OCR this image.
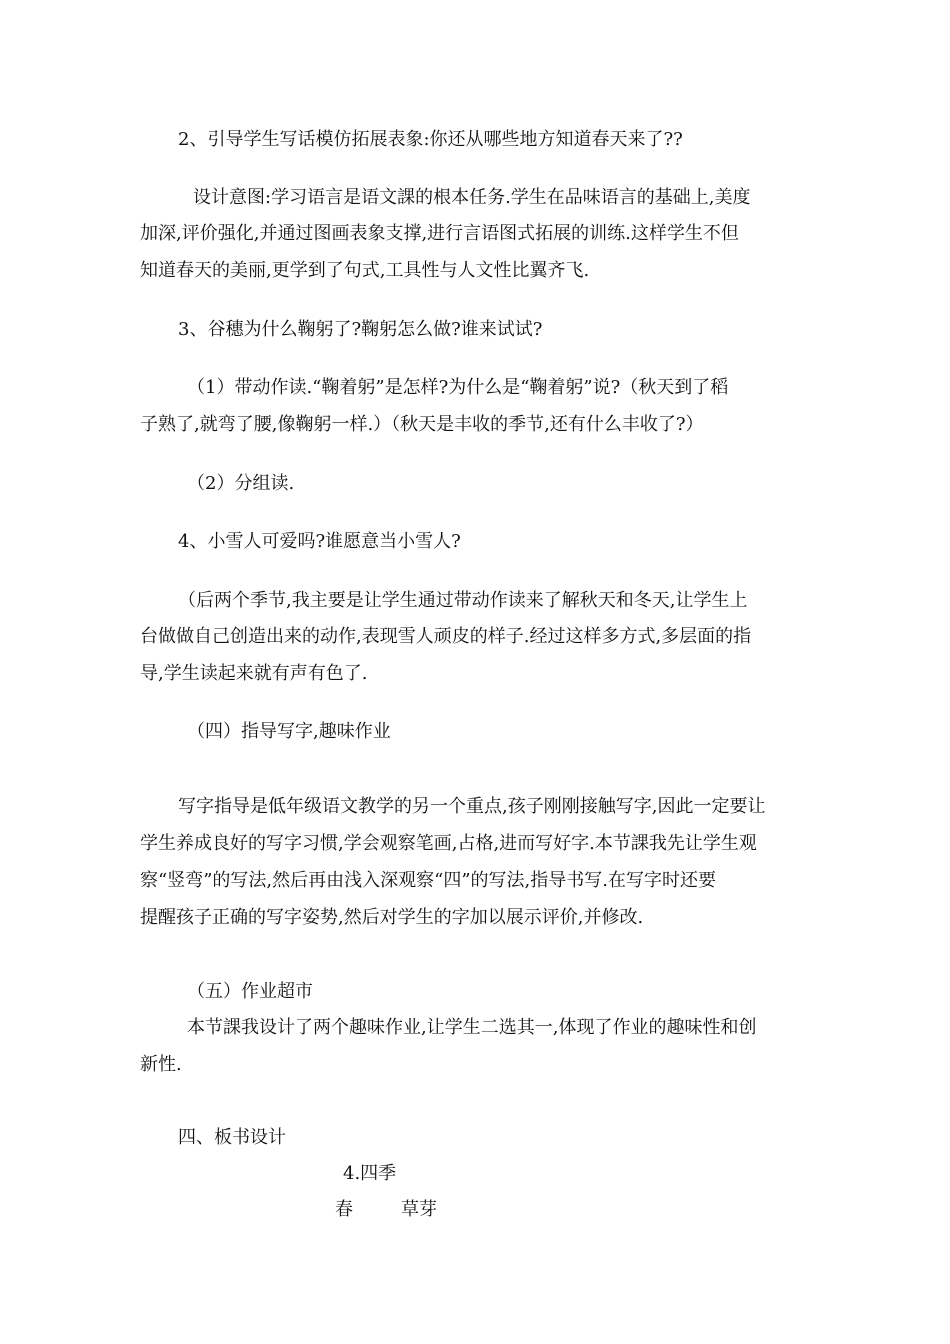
2、引导学生写话模仿拓展表象:你还从哪些地方知道春天来了??
设计意图:学习语言是语文課的根本任务.学生在品味语言的基础上,美度
加深,评价强化,并通过图画表象支撑,进行言语图式拓展的训练.这样学生不但
知道春天的美丽,更学到了句式,工具性与人文性比翼齐飞.
3、谷穗为什么鞠躬了?鞠躬怎么做?谁来试试?
（1）带动作读.“鞠着躬”是怎样?为什么是“鞠着躬”说?（秋天到了稻
子熟了,就弯了腰,像鞠躬一样.）（秋天是丰收的季节,还有什么丰收了?）
（2）分组读.
4、小雪人可爱吗?谁愿意当小雪人?
（后两个季节,我主要是让学生通过带动作读来了解秋天和冬天,让学生上
台做做自己创造出来的动作,表现雪人顽皮的样子.经过这样多方式,多层面的指
导,学生读起来就有声有色了.
（四）指导写字,趣味作业
写字指导是低年级语文教学的另一个重点,孩子刚刚接触写字,因此一定要让
学生养成良好的写字习惯,学会观察笔画,占格,进而写好字.本节課我先让学生观
察“竖弯”的写法,然后再由浅入深观察“四”的写法,指导书写.在写字时还要
提醒孩子正确的写字姿势,然后对学生的字加以展示评价,并修改.
（五）作业超市
本节課我设计了两个趣味作业,让学生二选其一,体现了作业的趣味性和创
新性.
四、板书设计
4.四季
春	草芽
